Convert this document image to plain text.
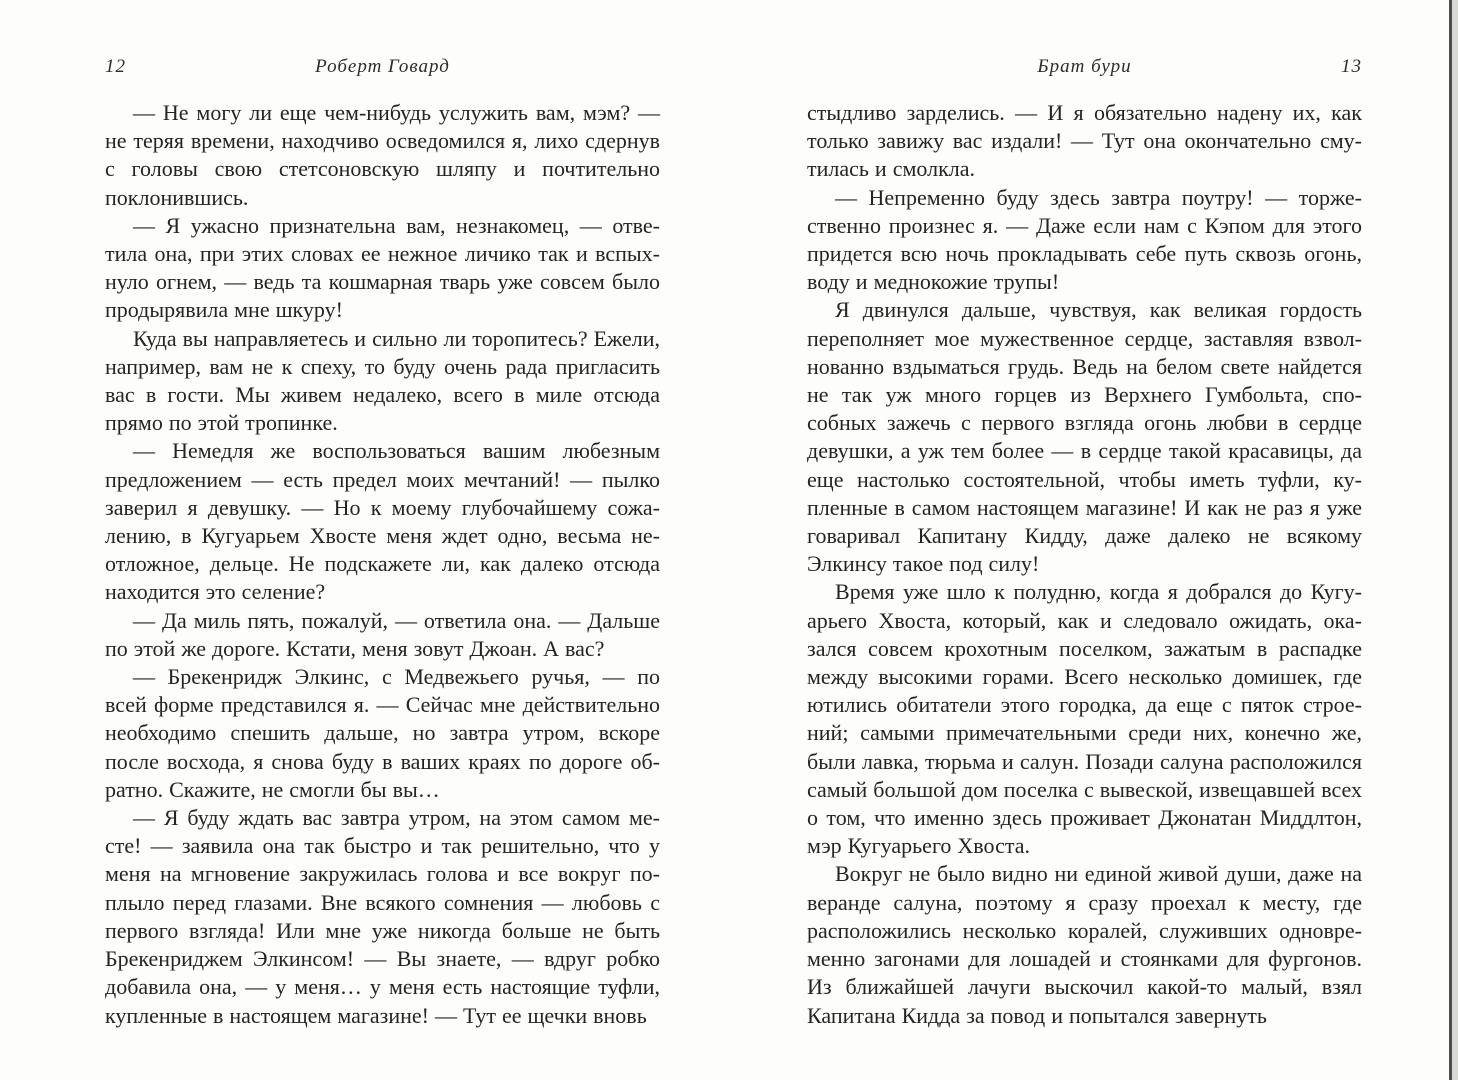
12	Роберт Говард

— Не могу ли еще чем-нибудь услужить вам, мэм? — не теряя времени, находчиво осведомился я, лихо сдернув с головы свою стетсоновскую шляпу и почтительно поклонившись.

— Я ужасно признательна вам, незнакомец, — ответила она, при этих словах ее нежное личико так и вспыхнуло огнем, — ведь та кошмарная тварь уже совсем было продырявила мне шкуру!

Куда вы направляетесь и сильно ли торопитесь? Ежели, например, вам не к спеху, то буду очень рада пригласить вас в гости. Мы живем недалеко, всего в миле отсюда прямо по этой тропинке.

— Немедля же воспользоваться вашим любезным предложением — есть предел моих мечтаний! — пылко заверил я девушку. — Но к моему глубочайшему сожалению, в Кугуарьем Хвосте меня ждет одно, весьма неотложное, дельце. Не подскажете ли, как далеко отсюда находится это селение?

— Да миль пять, пожалуй, — ответила она. — Дальше по этой же дороге. Кстати, меня зовут Джоан. А вас?

— Брекенридж Элкинс, с Медвежьего ручья, — по всей форме представился я. — Сейчас мне действительно необходимо спешить дальше, но завтра утром, вскоре после восхода, я снова буду в ваших краях по дороге обратно. Скажите, не смогли бы вы…

— Я буду ждать вас завтра утром, на этом самом месте! — заявила она так быстро и так решительно, что у меня на мгновение закружилась голова и все вокруг поплыло перед глазами. Вне всякого сомнения — любовь с первого взгляда! Или мне уже никогда больше не быть Брекенриджем Элкинсом! — Вы знаете, — вдруг робко добавила она, — у меня… у меня есть настоящие туфли, купленные в настоящем магазине! — Тут ее щечки вновь

Брат бури	13

стыдливо зарделись. — И я обязательно надену их, как только завижу вас издали! — Тут она окончательно смутилась и смолкла.

— Непременно буду здесь завтра поутру! — торжественно произнес я. — Даже если нам с Кэпом для этого придется всю ночь прокладывать себе путь сквозь огонь, воду и меднокожие трупы!

Я двинулся дальше, чувствуя, как великая гордость переполняет мое мужественное сердце, заставляя взволнованно вздыматься грудь. Ведь на белом свете найдется не так уж много горцев из Верхнего Гумбольта, способных зажечь с первого взгляда огонь любви в сердце девушки, а уж тем более — в сердце такой красавицы, да еще настолько состоятельной, чтобы иметь туфли, купленные в самом настоящем магазине! И как не раз я уже говаривал Капитану Кидду, даже далеко не всякому Элкинсу такое под силу!

Время уже шло к полудню, когда я добрался до Кугуарьего Хвоста, который, как и следовало ожидать, оказался совсем крохотным поселком, зажатым в распадке между высокими горами. Всего несколько домишек, где ютились обитатели этого городка, да еще с пяток строений; самыми примечательными среди них, конечно же, были лавка, тюрьма и салун. Позади салуна расположился самый большой дом поселка с вывеской, извещавшей всех о том, что именно здесь проживает Джонатан Миддлтон, мэр Кугуарьего Хвоста.

Вокруг не было видно ни единой живой души, даже на веранде салуна, поэтому я сразу проехал к месту, где расположились несколько коралей, служивших одновременно загонами для лошадей и стоянками для фургонов. Из ближайшей лачуги выскочил какой-то малый, взял Капитана Кидда за повод и попытался завернуть
